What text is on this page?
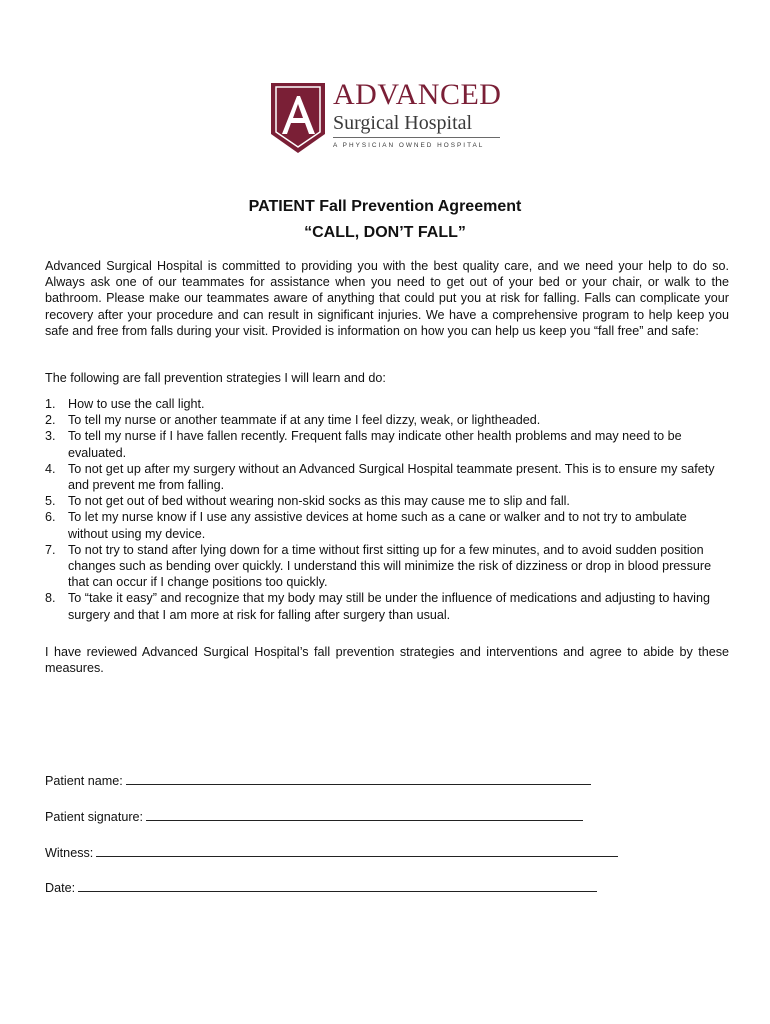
ADVANCED
Surgical Hospital
A PHYSICIAN OWNED HOSPITAL
PATIENT Fall Prevention Agreement
“CALL, DON’T FALL”
Advanced Surgical Hospital is committed to providing you with the best quality care, and we need your help to do so. Always ask one of our teammates for assistance when you need to get out of your bed or your chair, or walk to the bathroom. Please make our teammates aware of anything that could put you at risk for falling. Falls can complicate your recovery after your procedure and can result in significant injuries. We have a comprehensive program to help keep you safe and free from falls during your visit. Provided is information on how you can help us keep you “fall free” and safe:
The following are fall prevention strategies I will learn and do:
1. How to use the call light.
2. To tell my nurse or another teammate if at any time I feel dizzy, weak, or lightheaded.
3. To tell my nurse if I have fallen recently. Frequent falls may indicate other health problems and may need to be evaluated.
4. To not get up after my surgery without an Advanced Surgical Hospital teammate present. This is to ensure my safety and prevent me from falling.
5. To not get out of bed without wearing non-skid socks as this may cause me to slip and fall.
6. To let my nurse know if I use any assistive devices at home such as a cane or walker and to not try to ambulate without using my device.
7. To not try to stand after lying down for a time without first sitting up for a few minutes, and to avoid sudden position changes such as bending over quickly. I understand this will minimize the risk of dizziness or drop in blood pressure that can occur if I change positions too quickly.
8. To “take it easy” and recognize that my body may still be under the influence of medications and adjusting to having surgery and that I am more at risk for falling after surgery than usual.
I have reviewed Advanced Surgical Hospital’s fall prevention strategies and interventions and agree to abide by these measures.
Patient name:
Patient signature:
Witness:
Date:
